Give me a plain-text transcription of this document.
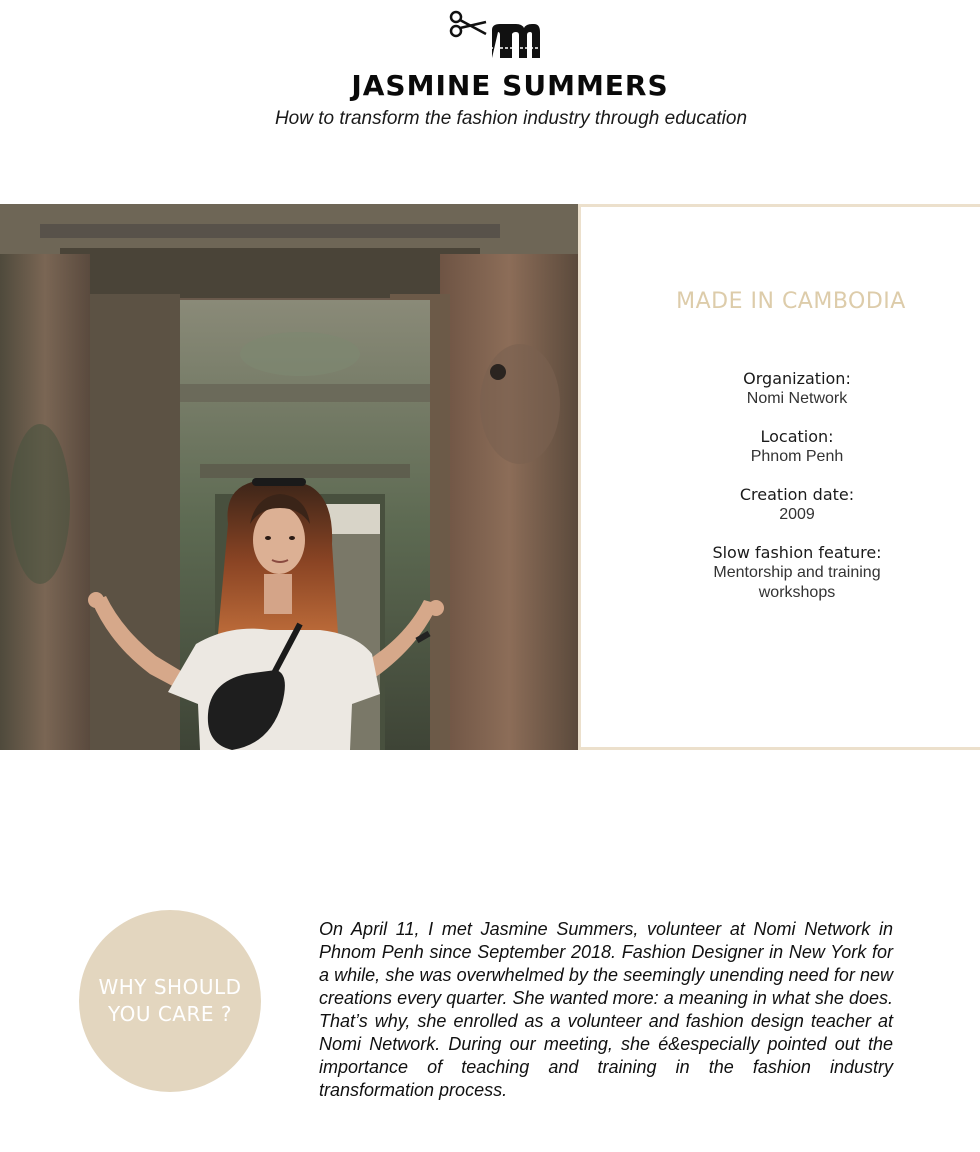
JASMINE SUMMERS

How to transform the fashion industry through education

MADE IN CAMBODIA
Organization:
Nomi Network
Location:
Phnom Penh
Creation date:
2009
Slow fashion feature:
Mentorship and training workshops
WHY SHOULD
YOU CARE ?

On April 11, I met Jasmine Summers, volunteer at Nomi Network in Phnom Penh since September 2018. Fashion Designer in New York for a while, she was overwhelmed by the seemingly unending need for new creations every quarter. She wanted more: a meaning in what she does. That’s why, she enrolled as a volunteer and fashion design teacher at Nomi Network. During our meeting, she é&especially pointed out the importance of teaching and training in the fashion industry transformation process.
